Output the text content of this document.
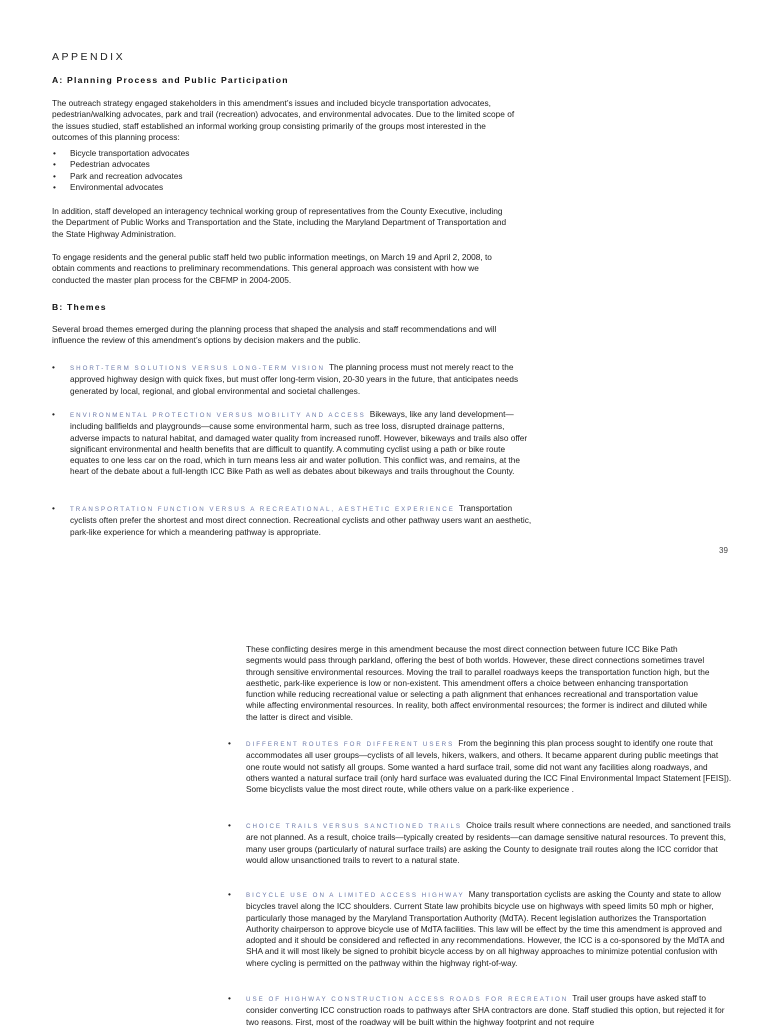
APPENDIX
A: Planning Process and Public Participation

The outreach strategy engaged stakeholders in this amendment’s issues and included bicycle transportation advocates, pedestrian/walking advocates, park and trail (recreation) advocates, and environmental advocates. Due to the limited scope of the issues studied, staff established an informal working group consisting primarily of the groups most interested in the outcomes of this planning process:

• Bicycle transportation advocates
• Pedestrian advocates
• Park and recreation advocates
• Environmental advocates

In addition, staff developed an interagency technical working group of representatives from the County Executive, including the Department of Public Works and Transportation and the State, including the Maryland Department of Transportation and the State Highway Administration.

To engage residents and the general public staff held two public information meetings, on March 19 and April 2, 2008, to obtain comments and reactions to preliminary recommendations. This general approach was consistent with how we conducted the master plan process for the CBFMP in 2004-2005.

B: Themes

Several broad themes emerged during the planning process that shaped the analysis and staff recommendations and will influence the review of this amendment’s options by decision makers and the public.

• SHORT-TERM SOLUTIONS VERSUS LONG-TERM VISION The planning process must not merely react to the approved highway design with quick fixes, but must offer long-term vision, 20-30 years in the future, that anticipates needs generated by local, regional, and global environmental and societal challenges.
• ENVIRONMENTAL PROTECTION VERSUS MOBILITY AND ACCESS Bikeways, like any land development—including ballfields and playgrounds—cause some environmental harm, such as tree loss, disrupted drainage patterns, adverse impacts to natural habitat, and damaged water quality from increased runoff. However, bikeways and trails also offer significant environmental and health benefits that are difficult to quantify. A commuting cyclist using a path or bike route equates to one less car on the road, which in turn means less air and water pollution. This conflict was, and remains, at the heart of the debate about a full-length ICC Bike Path as well as debates about bikeways and trails throughout the County.
• TRANSPORTATION FUNCTION VERSUS A RECREATIONAL, AESTHETIC EXPERIENCE Transportation cyclists often prefer the shortest and most direct connection. Recreational cyclists and other pathway users want an aesthetic, park-like experience for which a meandering pathway is appropriate.
39

These conflicting desires merge in this amendment because the most direct connection between future ICC Bike Path segments would pass through parkland, offering the best of both worlds. However, these direct connections sometimes travel through sensitive environmental resources. Moving the trail to parallel roadways keeps the transportation function high, but the aesthetic, park-like experience is low or non-existent. This amendment offers a choice between enhancing transportation function while reducing recreational value or selecting a path alignment that enhances recreational and transportation value while affecting environmental resources. In reality, both affect environmental resources; the former is indirect and diluted while the latter is direct and visible.

• DIFFERENT ROUTES FOR DIFFERENT USERS From the beginning this plan process sought to identify one route that accommodates all user groups—cyclists of all levels, hikers, walkers, and others. It became apparent during public meetings that one route would not satisfy all groups. Some wanted a hard surface trail, some did not want any facilities along roadways, and others wanted a natural surface trail (only hard surface was evaluated during the ICC Final Environmental Impact Statement [FEIS]). Some bicyclists value the most direct route, while others value on a park-like experience .
• CHOICE TRAILS VERSUS SANCTIONED TRAILS Choice trails result where connections are needed, and sanctioned trails are not planned. As a result, choice trails—typically created by residents—can damage sensitive natural resources. To prevent this, many user groups (particularly of natural surface trails) are asking the County to designate trail routes along the ICC corridor that would allow unsanctioned trails to revert to a natural state.
• BICYCLE USE ON A LIMITED ACCESS HIGHWAY Many transportation cyclists are asking the County and state to allow bicycles travel along the ICC shoulders. Current State law prohibits bicycle use on highways with speed limits 50 mph or higher, particularly those managed by the Maryland Transportation Authority (MdTA). Recent legislation authorizes the Transportation Authority chairperson to approve bicycle use of MdTA facilities. This law will be effect by the time this amendment is approved and adopted and it should be considered and reflected in any recommendations. However, the ICC is a co-sponsored by the MdTA and SHA and it will most likely be signed to prohibit bicycle access by on all highway approaches to minimize potential confusion with where cycling is permitted on the pathway within the highway right-of-way.
• USE OF HIGHWAY CONSTRUCTION ACCESS ROADS FOR RECREATION Trail user groups have asked staff to consider converting ICC construction roads to pathways after SHA contractors are done. Staff studied this option, but rejected it for two reasons. First, most of the roadway will be built within the highway footprint and not require
